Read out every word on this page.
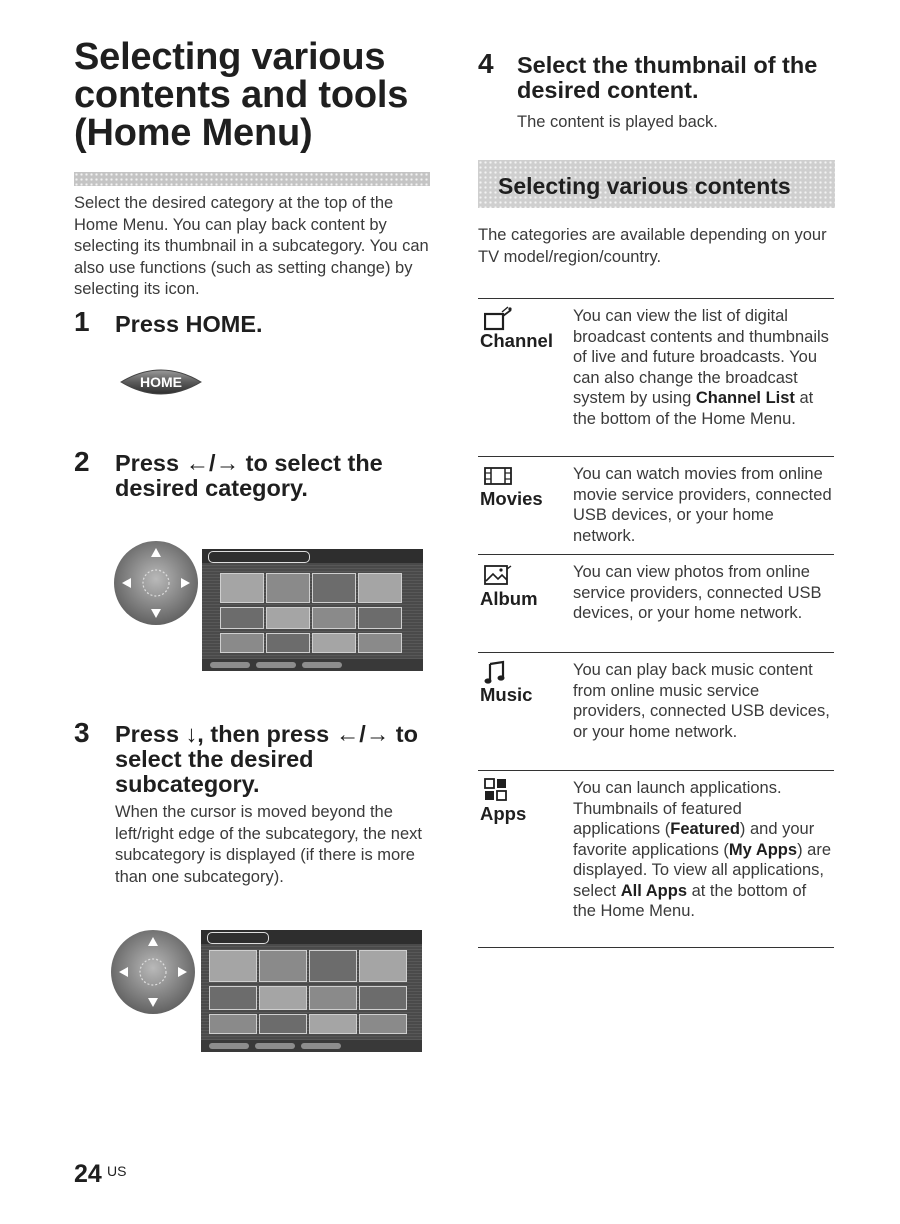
Selecting various
contents and tools
(Home Menu)

Select the desired category at the top of the Home Menu. You can play back content by selecting its thumbnail in a subcategory. You can also use functions (such as setting change) by selecting its icon.

1 Press HOME.
HOME
2 Press ←/→ to select the desired category.
3 Press ↓, then press ←/→ to select the desired subcategory.

When the cursor is moved beyond the left/right edge of the subcategory, the next subcategory is displayed (if there is more than one subcategory).

4 Select the thumbnail of the desired content.

The content is played back.

Selecting various contents

The categories are available depending on your TV model/region/country.

Channel

You can view the list of digital broadcast contents and thumbnails of live and future broadcasts. You can also change the broadcast system by using Channel List at the bottom of the Home Menu.

Movies

You can watch movies from online movie service providers, connected USB devices, or your home network.

Album

You can view photos from online service providers, connected USB devices, or your home network.

Music

You can play back music content from online music service providers, connected USB devices, or your home network.

Apps

You can launch applications. Thumbnails of featured applications (Featured) and your favorite applications (My Apps) are displayed. To view all applications, select All Apps at the bottom of the Home Menu.

24 US
